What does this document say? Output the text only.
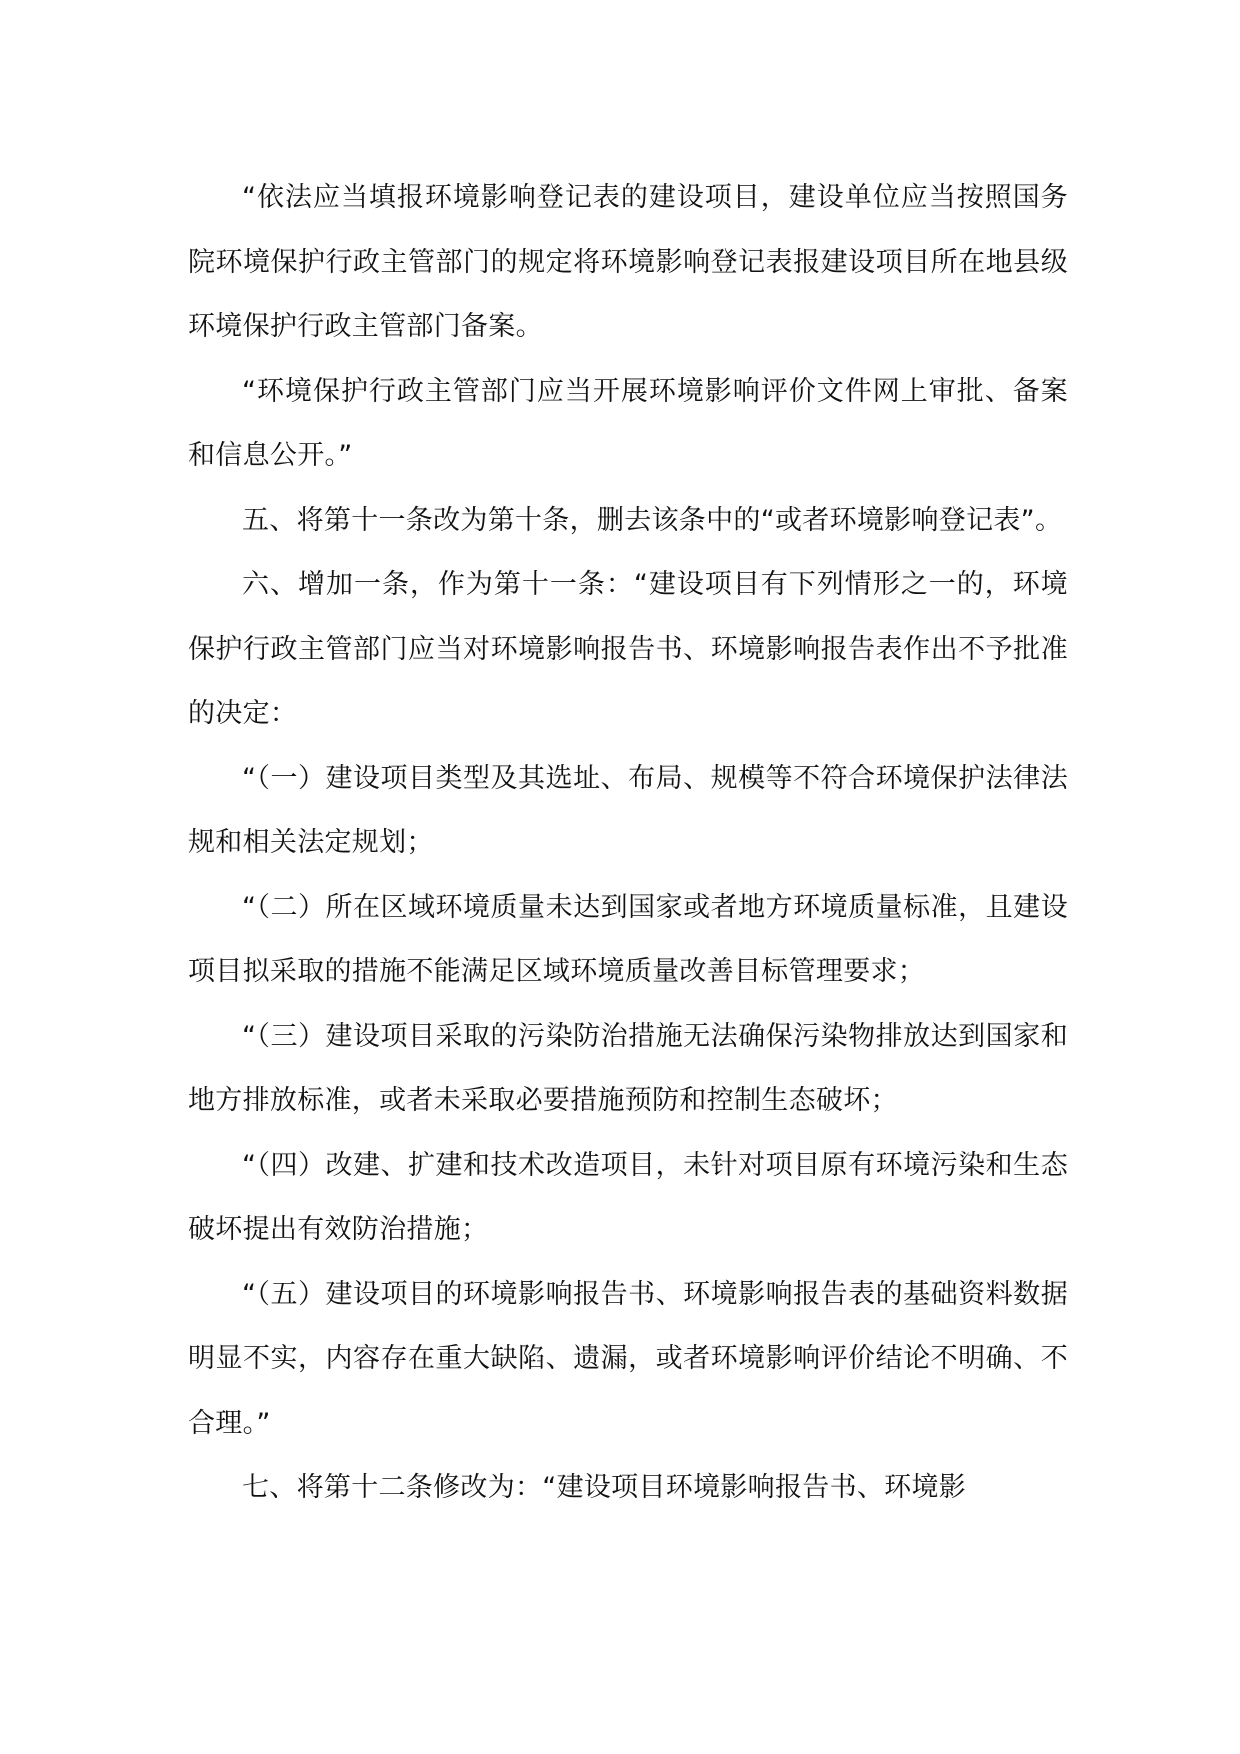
“依法应当填报环境影响登记表的建设项目，建设单位应当按照国务院环境保护行政主管部门的规定将环境影响登记表报建设项目所在地县级环境保护行政主管部门备案。

“环境保护行政主管部门应当开展环境影响评价文件网上审批、备案和信息公开。”

五、将第十一条改为第十条，删去该条中的“或者环境影响登记表”。

六、增加一条，作为第十一条：“建设项目有下列情形之一的，环境保护行政主管部门应当对环境影响报告书、环境影响报告表作出不予批准的决定：

“（一）建设项目类型及其选址、布局、规模等不符合环境保护法律法规和相关法定规划；

“（二）所在区域环境质量未达到国家或者地方环境质量标准，且建设项目拟采取的措施不能满足区域环境质量改善目标管理要求；

“（三）建设项目采取的污染防治措施无法确保污染物排放达到国家和地方排放标准，或者未采取必要措施预防和控制生态破坏；

“（四）改建、扩建和技术改造项目，未针对项目原有环境污染和生态破坏提出有效防治措施；

“（五）建设项目的环境影响报告书、环境影响报告表的基础资料数据明显不实，内容存在重大缺陷、遗漏，或者环境影响评价结论不明确、不合理。”

七、将第十二条修改为：“建设项目环境影响报告书、环境影
